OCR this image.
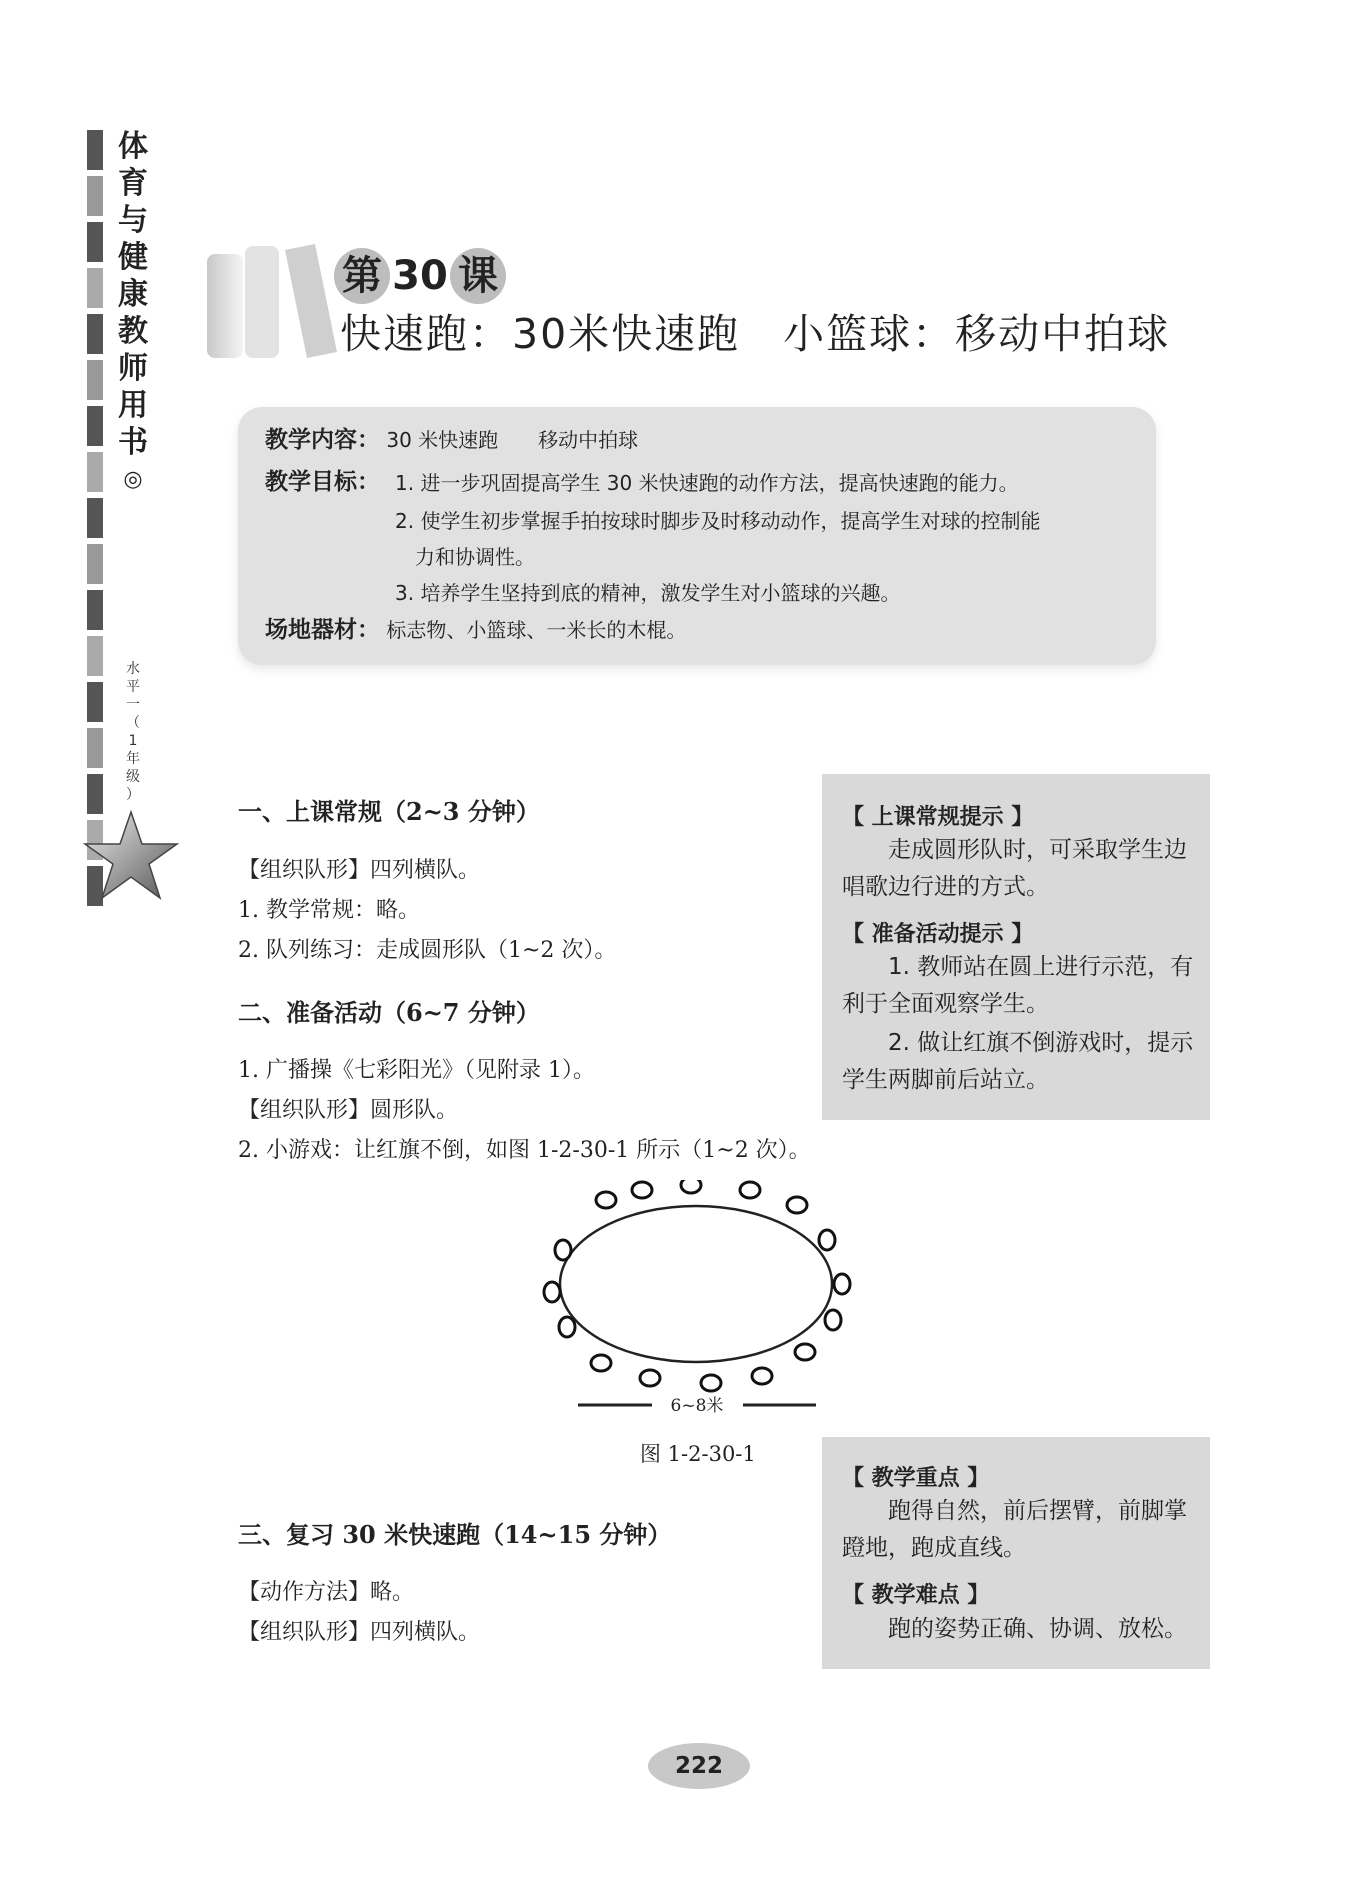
体
育
与
健
康
教
师
用
书
◎
水
平
一
（
1
年
级
）
第 30 课
快速跑：30米快速跑　小篮球：移动中拍球
教学内容： 30 米快速跑　　移动中拍球
教学目标： 1. 进一步巩固提高学生 30 米快速跑的动作方法，提高快速跑的能力。
2. 使学生初步掌握手拍按球时脚步及时移动动作，提高学生对球的控制能
　力和协调性。
3. 培养学生坚持到底的精神，激发学生对小篮球的兴趣。
场地器材： 标志物、小篮球、一米长的木棍。
一、上课常规（2~3 分钟）
【组织队形】四列横队。
1. 教学常规：略。
2. 队列练习：走成圆形队（1~2 次）。
二、准备活动（6~7 分钟）
1. 广播操《七彩阳光》（见附录 1）。
【组织队形】圆形队。
2. 小游戏：让红旗不倒，如图 1-2-30-1 所示（1~2 次）。
【 上课常规提示 】
走成圆形队时，可采取学生边唱歌边行进的方式。
【 准备活动提示 】
1. 教师站在圆上进行示范，有利于全面观察学生。
2. 做让红旗不倒游戏时，提示学生两脚前后站立。
6~8米
图 1-2-30-1
【 教学重点 】
跑得自然，前后摆臂，前脚掌蹬地，跑成直线。
【 教学难点 】
跑的姿势正确、协调、放松。
三、复习 30 米快速跑（14~15 分钟）
【动作方法】略。
【组织队形】四列横队。
222
